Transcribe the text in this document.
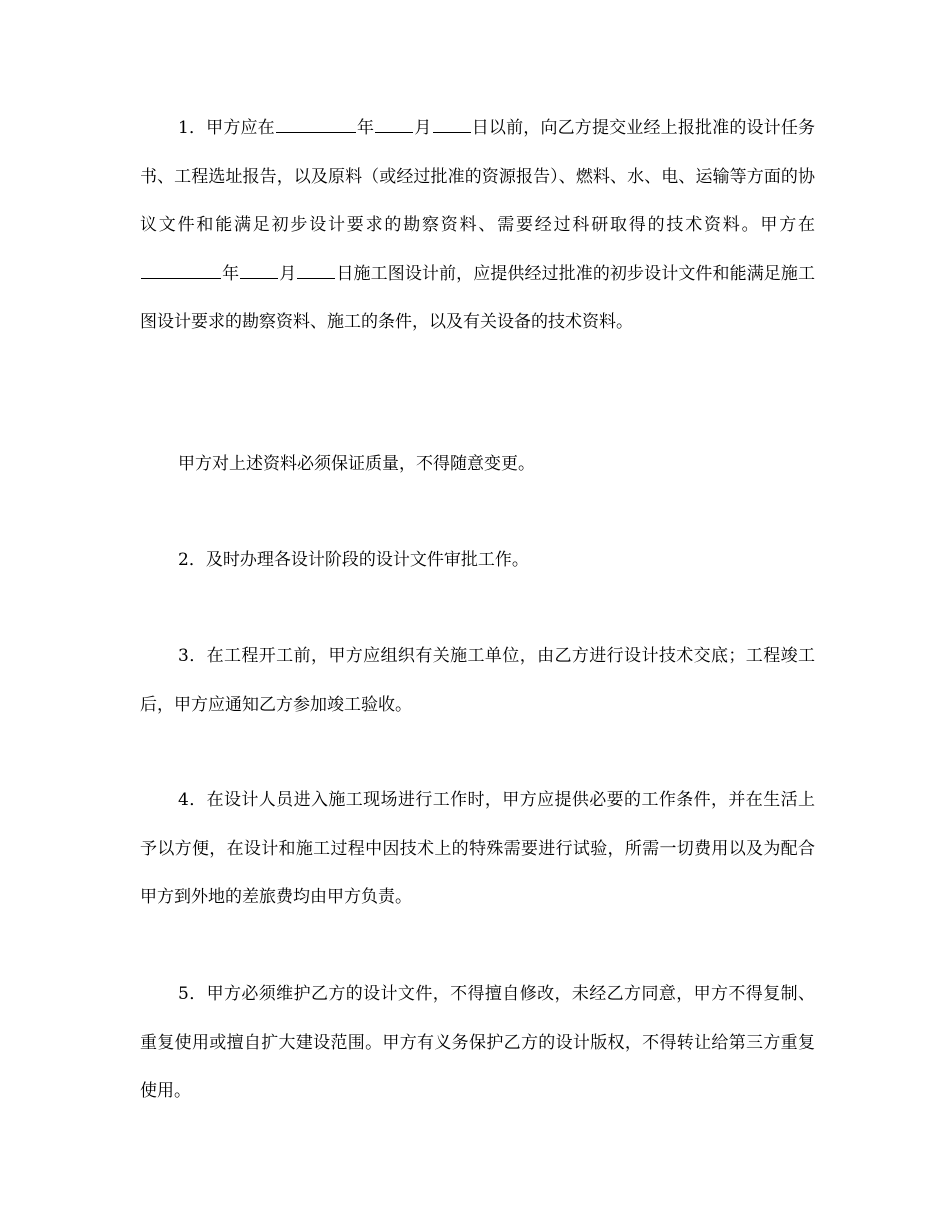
1．甲方应在	年 月 日以前，向乙方提交业经上报批准的设计任务书、工程选址报告，以及原料（或经过批准的资源报告）、燃料、水、电、运输等方面的协议文件和能满足初步设计要求的勘察资料、需要经过科研取得的技术资料。甲方在年 月 日施工图设计前，应提供经过批准的初步设计文件和能满足施工图设计要求的勘察资料、施工的条件，以及有关设备的技术资料。

甲方对上述资料必须保证质量，不得随意变更。

2．及时办理各设计阶段的设计文件审批工作。

3．在工程开工前，甲方应组织有关施工单位，由乙方进行设计技术交底；工程竣工后，甲方应通知乙方参加竣工验收。

4．在设计人员进入施工现场进行工作时，甲方应提供必要的工作条件，并在生活上予以方便，在设计和施工过程中因技术上的特殊需要进行试验，所需一切费用以及为配合甲方到外地的差旅费均由甲方负责。

5．甲方必须维护乙方的设计文件，不得擅自修改，未经乙方同意，甲方不得复制、重复使用或擅自扩大建设范围。甲方有义务保护乙方的设计版权，不得转让给第三方重复使用。
